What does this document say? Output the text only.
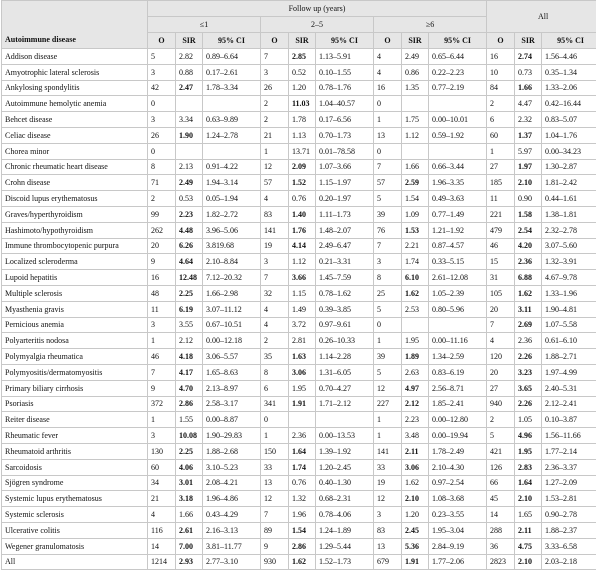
Autoimmune disease	Follow up (years)									All		
	≤1			2–5			≥6					
	O	SIR	95% CI	O	SIR	95% CI	O	SIR	95% CI	O	SIR	95% CI
Addison disease	5	2.82	0.89–6.64	7	2.85	1.13–5.91	4	2.49	0.65–6.44	16	2.74	1.56–4.46
Amyotrophic lateral sclerosis	3	0.88	0.17–2.61	3	0.52	0.10–1.55	4	0.86	0.22–2.23	10	0.73	0.35–1.34
Ankylosing spondylitis	42	2.47	1.78–3.34	26	1.20	0.78–1.76	16	1.35	0.77–2.19	84	1.66	1.33–2.06
Autoimmune hemolytic anemia	0			2	11.03	1.04–40.57	0			2	4.47	0.42–16.44
Behcet disease	3	3.34	0.63–9.89	2	1.78	0.17–6.56	1	1.75	0.00–10.01	6	2.32	0.83–5.07
Celiac disease	26	1.90	1.24–2.78	21	1.13	0.70–1.73	13	1.12	0.59–1.92	60	1.37	1.04–1.76
Chorea minor	0			1	13.71	0.01–78.58	0			1	5.97	0.00–34.23
Chronic rheumatic heart disease	8	2.13	0.91–4.22	12	2.09	1.07–3.66	7	1.66	0.66–3.44	27	1.97	1.30–2.87
Crohn disease	71	2.49	1.94–3.14	57	1.52	1.15–1.97	57	2.59	1.96–3.35	185	2.10	1.81–2.42
Discoid lupus erythematosus	2	0.53	0.05–1.94	4	0.76	0.20–1.97	5	1.54	0.49–3.63	11	0.90	0.44–1.61
Graves/hyperthyroidism	99	2.23	1.82–2.72	83	1.40	1.11–1.73	39	1.09	0.77–1.49	221	1.58	1.38–1.81
Hashimoto/hypothyroidism	262	4.48	3.96–5.06	141	1.76	1.48–2.07	76	1.53	1.21–1.92	479	2.54	2.32–2.78
Immune thrombocytopenic purpura	20	6.26	3.819.68	19	4.14	2.49–6.47	7	2.21	0.87–4.57	46	4.20	3.07–5.60
Localized scleroderma	9	4.64	2.10–8.84	3	1.12	0.21–3.31	3	1.74	0.33–5.15	15	2.36	1.32–3.91
Lupoid hepatitis	16	12.48	7.12–20.32	7	3.66	1.45–7.59	8	6.10	2.61–12.08	31	6.88	4.67–9.78
Multiple sclerosis	48	2.25	1.66–2.98	32	1.15	0.78–1.62	25	1.62	1.05–2.39	105	1.62	1.33–1.96
Myasthenia gravis	11	6.19	3.07–11.12	4	1.49	0.39–3.85	5	2.53	0.80–5.96	20	3.11	1.90–4.81
Pernicious anemia	3	3.55	0.67–10.51	4	3.72	0.97–9.61	0			7	2.69	1.07–5.58
Polyarteritis nodosa	1	2.12	0.00–12.18	2	2.81	0.26–10.33	1	1.95	0.00–11.16	4	2.36	0.61–6.10
Polymyalgia rheumatica	46	4.18	3.06–5.57	35	1.63	1.14–2.28	39	1.89	1.34–2.59	120	2.26	1.88–2.71
Polymyositis/dermatomyositis	7	4.17	1.65–8.63	8	3.06	1.31–6.05	5	2.63	0.83–6.19	20	3.23	1.97–4.99
Primary biliary cirrhosis	9	4.70	2.13–8.97	6	1.95	0.70–4.27	12	4.97	2.56–8.71	27	3.65	2.40–5.31
Psoriasis	372	2.86	2.58–3.17	341	1.91	1.71–2.12	227	2.12	1.85–2.41	940	2.26	2.12–2.41
Reiter disease	1	1.55	0.00–8.87	0			1	2.23	0.00–12.80	2	1.05	0.10–3.87
Rheumatic fever	3	10.08	1.90–29.83	1	2.36	0.00–13.53	1	3.48	0.00–19.94	5	4.96	1.56–11.66
Rheumatoid arthritis	130	2.25	1.88–2.68	150	1.64	1.39–1.92	141	2.11	1.78–2.49	421	1.95	1.77–2.14
Sarcoidosis	60	4.06	3.10–5.23	33	1.74	1.20–2.45	33	3.06	2.10–4.30	126	2.83	2.36–3.37
Sjögren syndrome	34	3.01	2.08–4.21	13	0.76	0.40–1.30	19	1.62	0.97–2.54	66	1.64	1.27–2.09
Systemic lupus erythematosus	21	3.18	1.96–4.86	12	1.32	0.68–2.31	12	2.10	1.08–3.68	45	2.10	1.53–2.81
Systemic sclerosis	4	1.66	0.43–4.29	7	1.96	0.78–4.06	3	1.20	0.23–3.55	14	1.65	0.90–2.78
Ulcerative colitis	116	2.61	2.16–3.13	89	1.54	1.24–1.89	83	2.45	1.95–3.04	288	2.11	1.88–2.37
Wegener granulomatosis	14	7.00	3.81–11.77	9	2.86	1.29–5.44	13	5.36	2.84–9.19	36	4.75	3.33–6.58
All	1214	2.93	2.77–3.10	930	1.62	1.52–1.73	679	1.91	1.77–2.06	2823	2.10	2.03–2.18
